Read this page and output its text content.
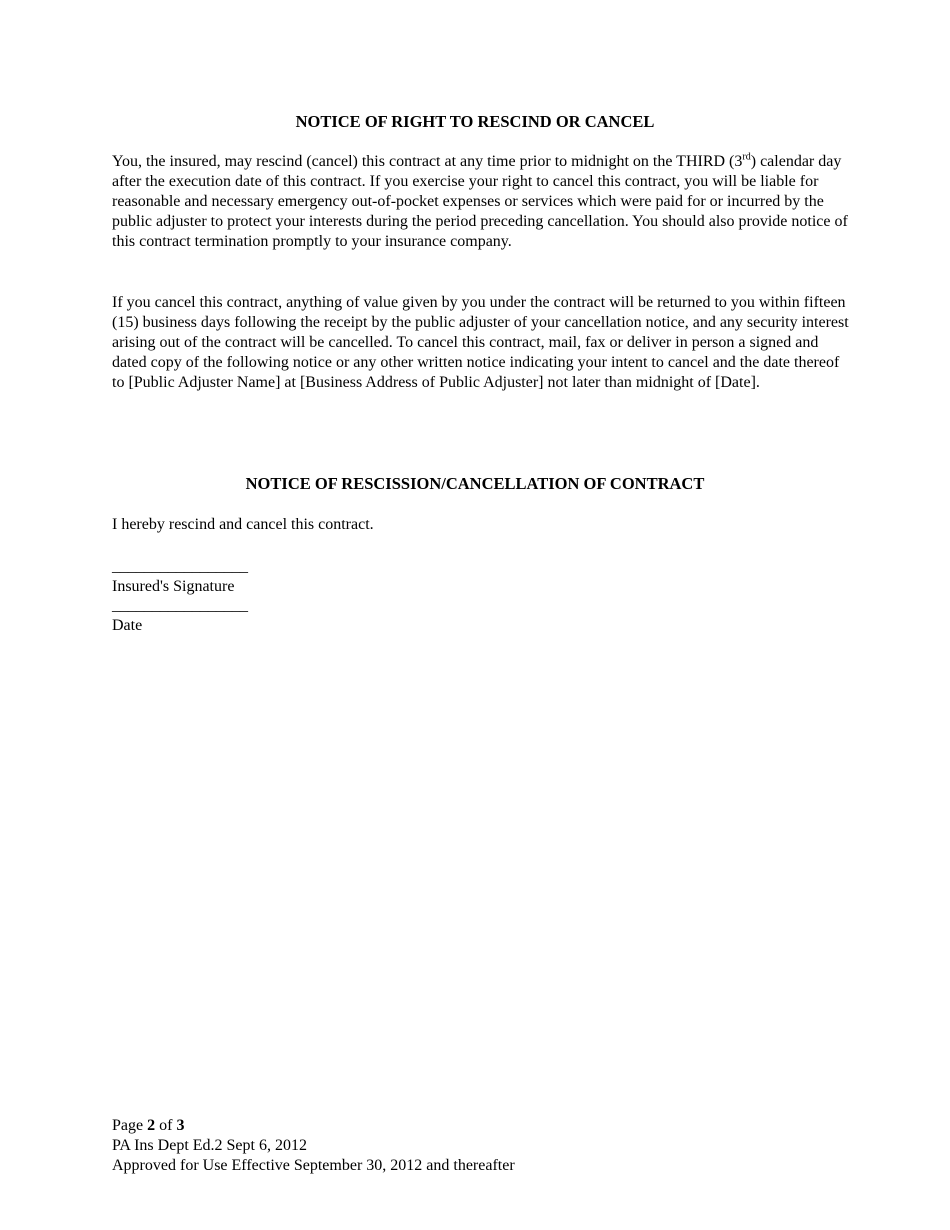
NOTICE OF RIGHT TO RESCIND OR CANCEL

You, the insured, may rescind (cancel) this contract at any time prior to midnight on the THIRD (3rd) calendar day after the execution date of this contract. If you exercise your right to cancel this contract, you will be liable for reasonable and necessary emergency out-of-pocket expenses or services which were paid for or incurred by the public adjuster to protect your interests during the period preceding cancellation. You should also provide notice of this contract termination promptly to your insurance company.

If you cancel this contract, anything of value given by you under the contract will be returned to you within fifteen (15) business days following the receipt by the public adjuster of your cancellation notice, and any security interest arising out of the contract will be cancelled. To cancel this contract, mail, fax or deliver in person a signed and dated copy of the following notice or any other written notice indicating your intent to cancel and the date thereof to [Public Adjuster Name] at [Business Address of Public Adjuster] not later than midnight of [Date].

NOTICE OF RESCISSION/CANCELLATION OF CONTRACT

I hereby rescind and cancel this contract.

_________________
Insured's Signature
_________________
Date
Page 2 of 3
PA Ins Dept Ed.2 Sept 6, 2012
Approved for Use Effective September 30, 2012 and thereafter
